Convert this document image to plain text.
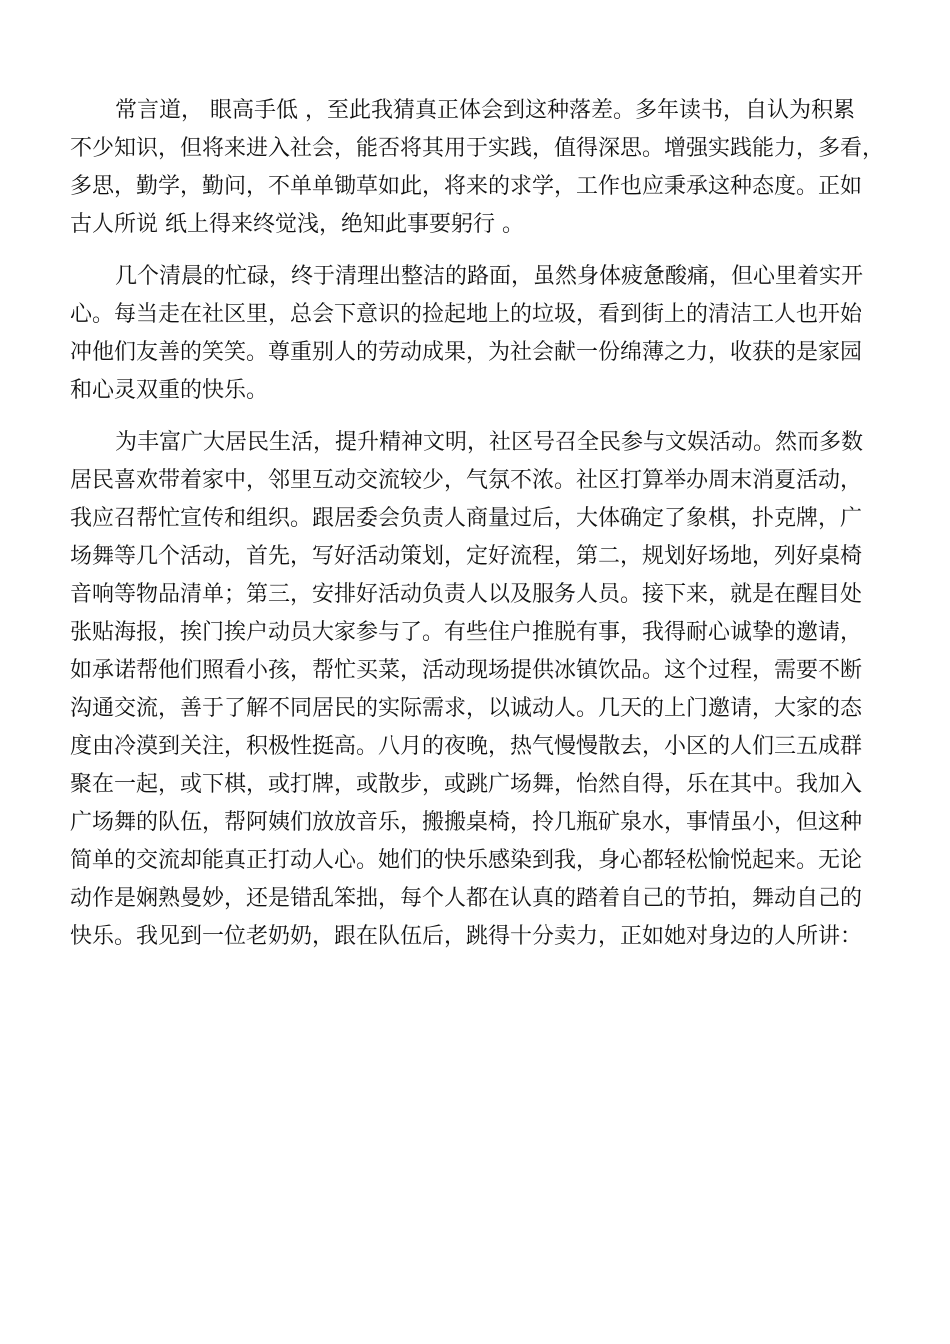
常言道， 眼高手低 ，至此我猜真正体会到这种落差。多年读书，自认为积累
不少知识，但将来进入社会，能否将其用于实践，值得深思。增强实践能力，多看，
多思，勤学，勤问，不单单锄草如此，将来的求学，工作也应秉承这种态度。正如
古人所说 纸上得来终觉浅，绝知此事要躬行 。
几个清晨的忙碌，终于清理出整洁的路面，虽然身体疲惫酸痛，但心里着实开
心。每当走在社区里，总会下意识的捡起地上的垃圾，看到街上的清洁工人也开始
冲他们友善的笑笑。尊重别人的劳动成果，为社会献一份绵薄之力，收获的是家园
和心灵双重的快乐。
为丰富广大居民生活，提升精神文明，社区号召全民参与文娱活动。然而多数
居民喜欢带着家中，邻里互动交流较少，气氛不浓。社区打算举办周末消夏活动，
我应召帮忙宣传和组织。跟居委会负责人商量过后，大体确定了象棋，扑克牌，广
场舞等几个活动，首先，写好活动策划，定好流程，第二，规划好场地，列好桌椅
音响等物品清单；第三，安排好活动负责人以及服务人员。接下来，就是在醒目处
张贴海报，挨门挨户动员大家参与了。有些住户推脱有事，我得耐心诚挚的邀请，
如承诺帮他们照看小孩，帮忙买菜，活动现场提供冰镇饮品。这个过程，需要不断
沟通交流，善于了解不同居民的实际需求，以诚动人。几天的上门邀请，大家的态
度由冷漠到关注，积极性挺高。八月的夜晚，热气慢慢散去，小区的人们三五成群
聚在一起，或下棋，或打牌，或散步，或跳广场舞，怡然自得，乐在其中。我加入
广场舞的队伍，帮阿姨们放放音乐，搬搬桌椅，拎几瓶矿泉水，事情虽小，但这种
简单的交流却能真正打动人心。她们的快乐感染到我，身心都轻松愉悦起来。无论
动作是娴熟曼妙，还是错乱笨拙，每个人都在认真的踏着自己的节拍，舞动自己的
快乐。我见到一位老奶奶，跟在队伍后，跳得十分卖力，正如她对身边的人所讲：
